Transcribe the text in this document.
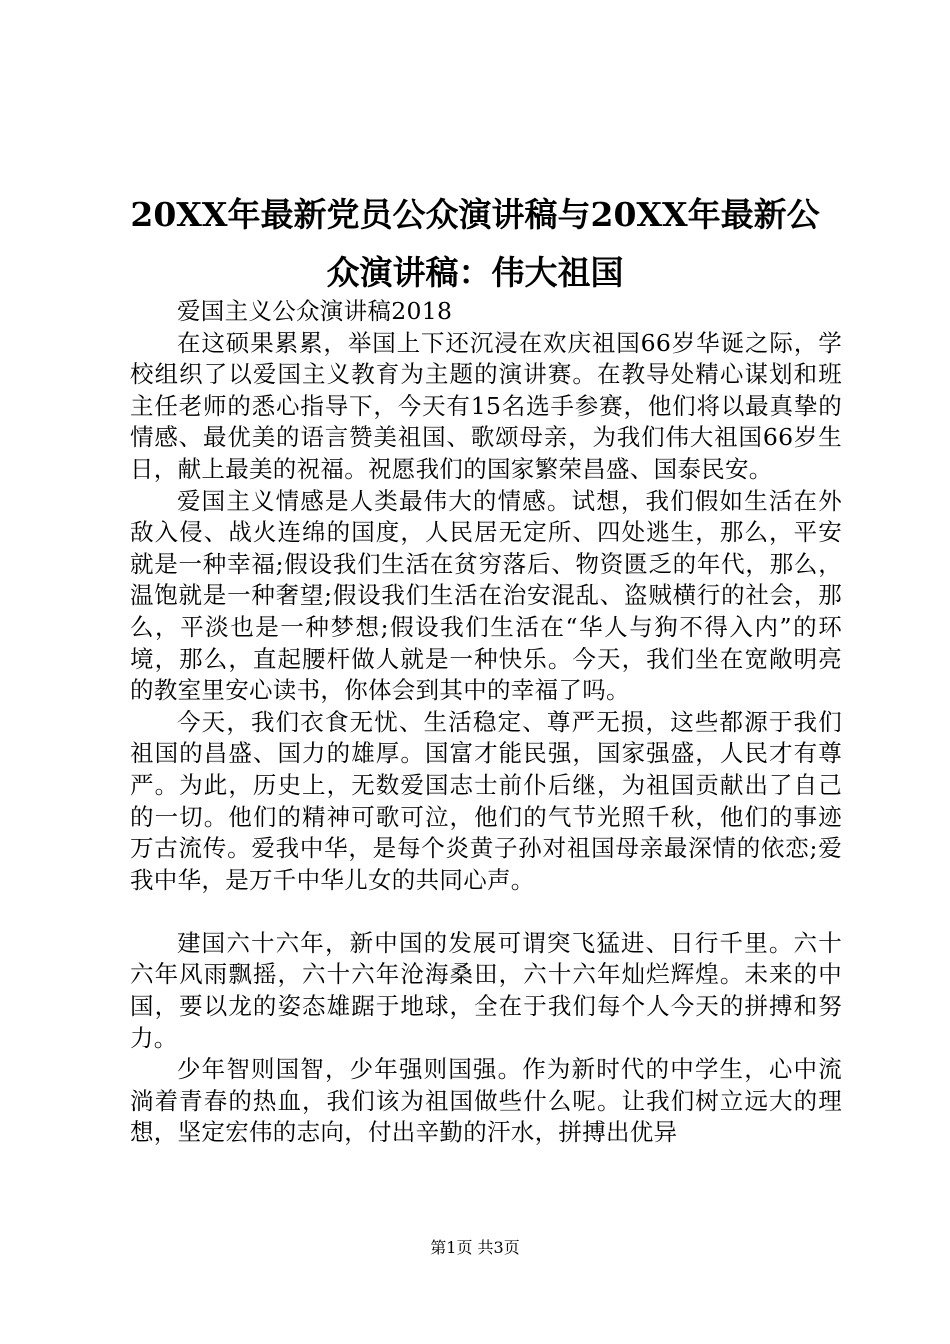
20XX年最新党员公众演讲稿与20XX年最新公
众演讲稿：伟大祖国

爱国主义公众演讲稿2018

在这硕果累累，举国上下还沉浸在欢庆祖国66岁华诞之际，学校组织了以爱国主义教育为主题的演讲赛。在教导处精心谋划和班主任老师的悉心指导下，今天有15名选手参赛，他们将以最真挚的情感、最优美的语言赞美祖国、歌颂母亲，为我们伟大祖国66岁生日，献上最美的祝福。祝愿我们的国家繁荣昌盛、国泰民安。

爱国主义情感是人类最伟大的情感。试想，我们假如生活在外敌入侵、战火连绵的国度，人民居无定所、四处逃生，那么，平安就是一种幸福;假设我们生活在贫穷落后、物资匮乏的年代，那么，温饱就是一种奢望;假设我们生活在治安混乱、盗贼横行的社会，那么，平淡也是一种梦想;假设我们生活在“华人与狗不得入内”的环境，那么，直起腰杆做人就是一种快乐。今天，我们坐在宽敞明亮的教室里安心读书，你体会到其中的幸福了吗。

今天，我们衣食无忧、生活稳定、尊严无损，这些都源于我们祖国的昌盛、国力的雄厚。国富才能民强，国家强盛，人民才有尊严。为此，历史上，无数爱国志士前仆后继，为祖国贡献出了自己的一切。他们的精神可歌可泣，他们的气节光照千秋，他们的事迹万古流传。爱我中华，是每个炎黄子孙对祖国母亲最深情的依恋;爱我中华，是万千中华儿女的共同心声。

建国六十六年，新中国的发展可谓突飞猛进、日行千里。六十六年风雨飘摇，六十六年沧海桑田，六十六年灿烂辉煌。未来的中国，要以龙的姿态雄踞于地球，全在于我们每个人今天的拼搏和努力。

少年智则国智，少年强则国强。作为新时代的中学生，心中流淌着青春的热血，我们该为祖国做些什么呢。让我们树立远大的理想，坚定宏伟的志向，付出辛勤的汗水，拼搏出优异

第1页 共3页
